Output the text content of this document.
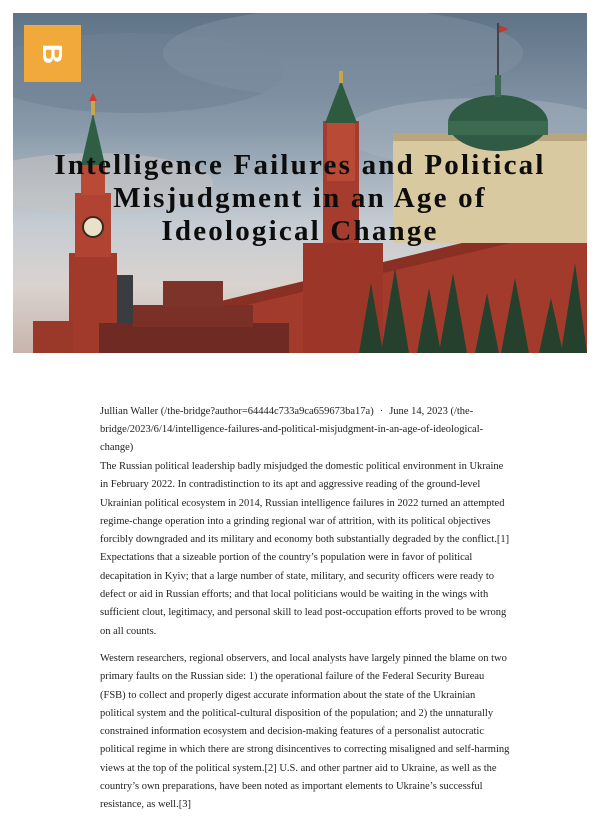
B
Intelligence Failures and Political Misjudgment in an Age of Ideological Change
Jullian Waller (/the-bridge?author=64444c733a9ca659673ba17a) · June 14, 2023 (/the-bridge/2023/6/14/intelligence-failures-and-political-misjudgment-in-an-age-of-ideological-change)

The Russian political leadership badly misjudged the domestic political environment in Ukraine in February 2022. In contradistinction to its apt and aggressive reading of the ground-level Ukrainian political ecosystem in 2014, Russian intelligence failures in 2022 turned an attempted regime-change operation into a grinding regional war of attrition, with its political objectives forcibly downgraded and its military and economy both substantially degraded by the conflict.[1] Expectations that a sizeable portion of the country’s population were in favor of political decapitation in Kyiv; that a large number of state, military, and security officers were ready to defect or aid in Russian efforts; and that local politicians would be waiting in the wings with sufficient clout, legitimacy, and personal skill to lead post-occupation efforts proved to be wrong on all counts.

Western researchers, regional observers, and local analysts have largely pinned the blame on two primary faults on the Russian side: 1) the operational failure of the Federal Security Bureau (FSB) to collect and properly digest accurate information about the state of the Ukrainian political system and the political-cultural disposition of the population; and 2) the unnaturally constrained information ecosystem and decision-making features of a personalist autocratic political regime in which there are strong disincentives to correcting misaligned and self-harming views at the top of the political system.[2] U.S. and other partner aid to Ukraine, as well as the country’s own preparations, have been noted as important elements to Ukraine’s successful resistance, as well.[3]
